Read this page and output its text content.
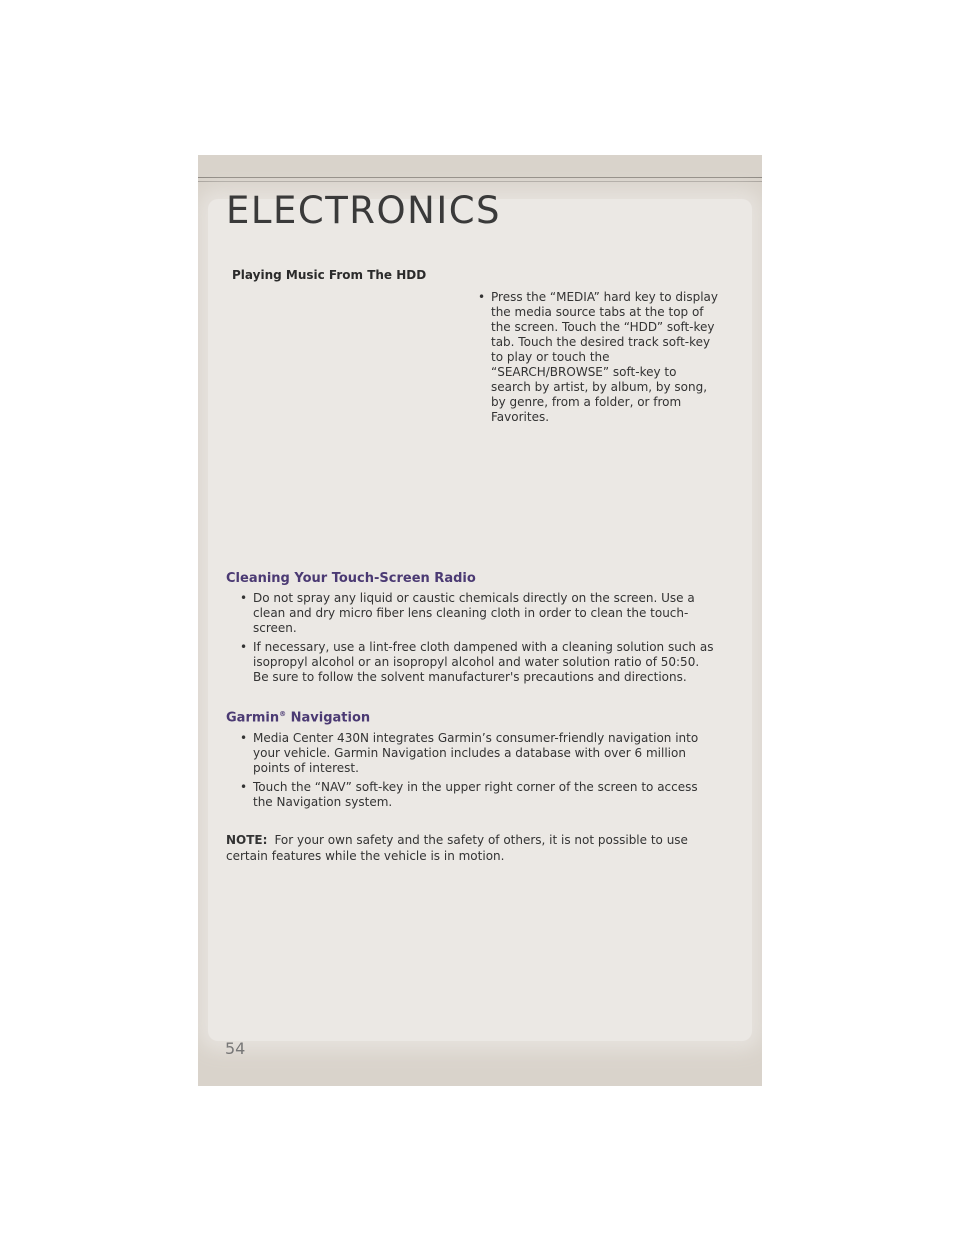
ELECTRONICS
Playing Music From The HDD
• Press the “MEDIA” hard key to display the media source tabs at the top of the screen. Touch the “HDD” soft-key tab. Touch the desired track soft-key to play or touch the “SEARCH/BROWSE” soft-key to search by artist, by album, by song, by genre, from a folder, or from Favorites.
Cleaning Your Touch-Screen Radio
• Do not spray any liquid or caustic chemicals directly on the screen. Use a clean and dry micro fiber lens cleaning cloth in order to clean the touch-screen.
• If necessary, use a lint-free cloth dampened with a cleaning solution such as isopropyl alcohol or an isopropyl alcohol and water solution ratio of 50:50. Be sure to follow the solvent manufacturer's precautions and directions.
Garmin® Navigation
• Media Center 430N integrates Garmin’s consumer-friendly navigation into your vehicle. Garmin Navigation includes a database with over 6 million points of interest.
• Touch the “NAV” soft-key in the upper right corner of the screen to access the Navigation system.

NOTE: For your own safety and the safety of others, it is not possible to use certain features while the vehicle is in motion.

54
